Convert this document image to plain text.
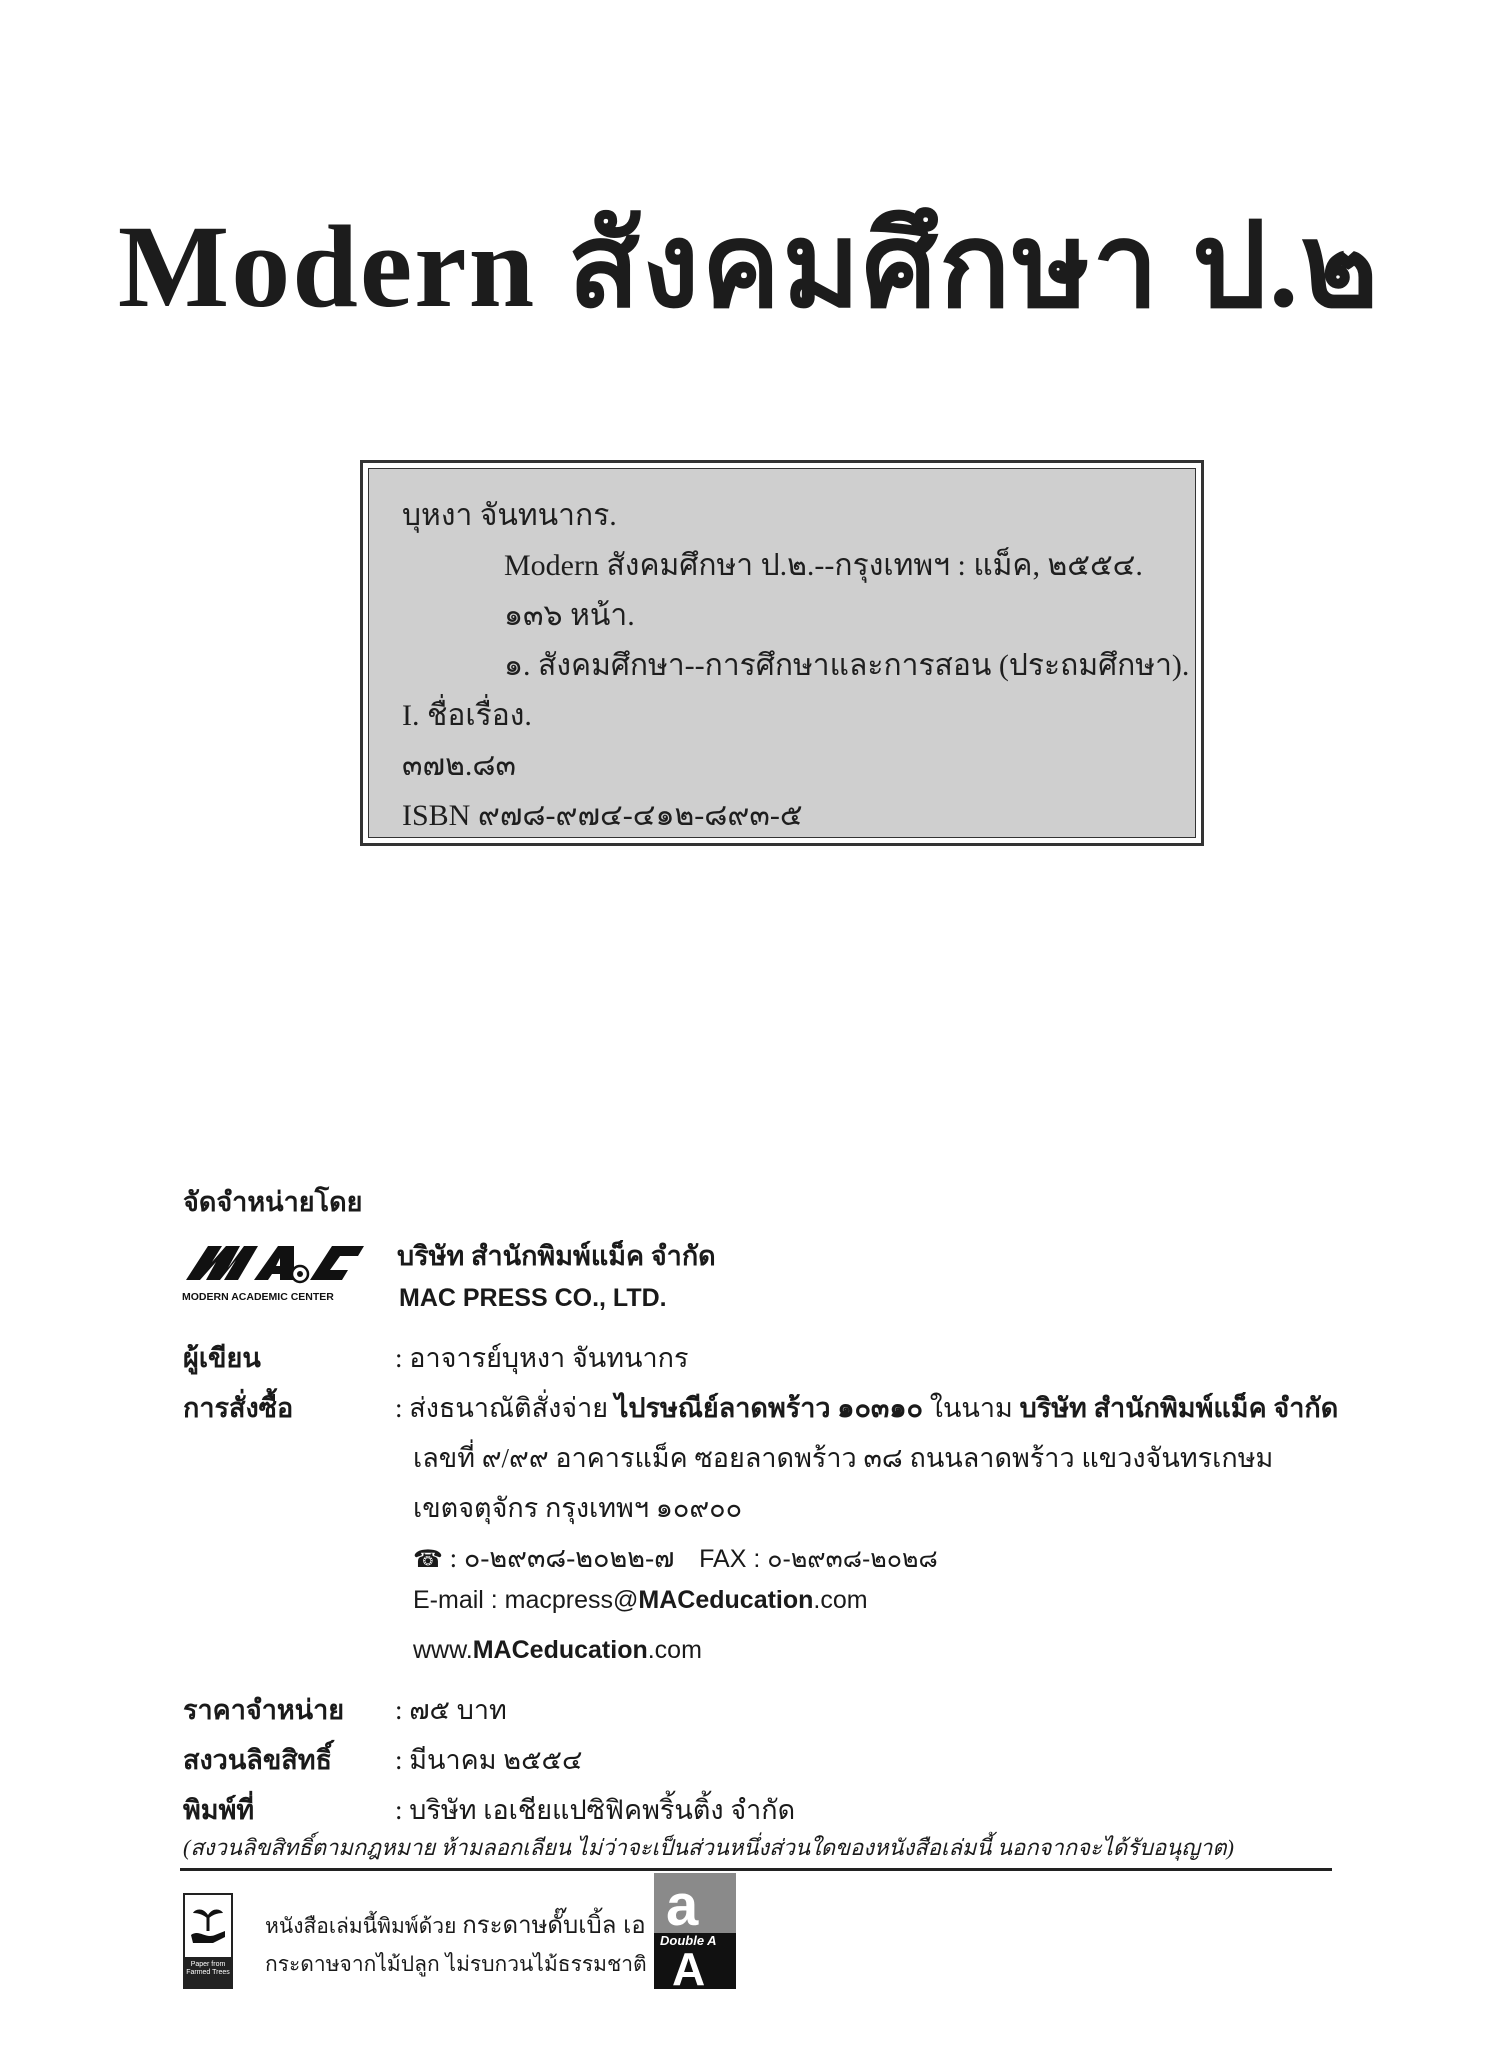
Modern สังคมศึกษา ป.๒
บุหงา จันทนากร.
Modern สังคมศึกษา ป.๒.--กรุงเทพฯ : แม็ค, ๒๕๕๔.
๑๓๖ หน้า.
๑. สังคมศึกษา--การศึกษาและการสอน (ประถมศึกษา).
I. ชื่อเรื่อง.
๓๗๒.๘๓
ISBN ๙๗๘-๙๗๔-๔๑๒-๘๙๓-๕
จัดจำหน่ายโดย
MODERN ACADEMIC CENTER
บริษัท สำนักพิมพ์แม็ค จำกัด
MAC PRESS CO., LTD.
ผู้เขียน	: อาจารย์บุหงา จันทนากร
การสั่งซื้อ	: ส่งธนาณัติสั่งจ่าย ไปรษณีย์ลาดพร้าว ๑๐๓๑๐ ในนาม บริษัท สำนักพิมพ์แม็ค จำกัด
เลขที่ ๙/๙๙ อาคารแม็ค ซอยลาดพร้าว ๓๘ ถนนลาดพร้าว แขวงจันทรเกษม
เขตจตุจักร กรุงเทพฯ ๑๐๙๐๐
☎ : ๐-๒๙๓๘-๒๐๒๒-๗ FAX : ๐-๒๙๓๘-๒๐๒๘
E-mail : macpress@MACeducation.com
www.MACeducation.com
ราคาจำหน่าย : ๗๕ บาท
สงวนลิขสิทธิ์ : มีนาคม ๒๕๕๔
พิมพ์ที่	: บริษัท เอเชียแปซิฟิคพริ้นติ้ง จำกัด
(สงวนลิขสิทธิ์ตามกฎหมาย ห้ามลอกเลียน ไม่ว่าจะเป็นส่วนหนึ่งส่วนใดของหนังสือเล่มนี้ นอกจากจะได้รับอนุญาต)
Paper from Farmed Trees
หนังสือเล่มนี้พิมพ์ด้วย กระดาษดั๊บเบิ้ล เอ
กระดาษจากไม้ปลูก ไม่รบกวนไม้ธรรมชาติ
a
Double A
A
